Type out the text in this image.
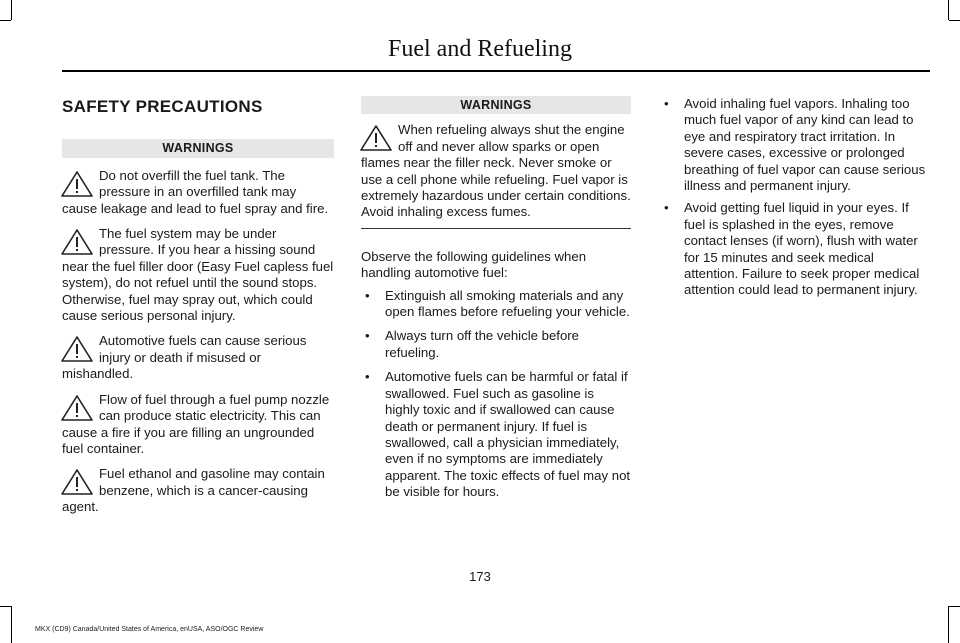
Fuel and Refueling
SAFETY PRECAUTIONS
WARNINGS

Do not overfill the fuel tank. The pressure in an overfilled tank may cause leakage and lead to fuel spray and fire.

The fuel system may be under pressure. If you hear a hissing sound near the fuel filler door (Easy Fuel capless fuel system), do not refuel until the sound stops. Otherwise, fuel may spray out, which could cause serious personal injury.

Automotive fuels can cause serious injury or death if misused or mishandled.

Flow of fuel through a fuel pump nozzle can produce static electricity. This can cause a fire if you are filling an ungrounded fuel container.

Fuel ethanol and gasoline may contain benzene, which is a cancer-causing agent.

WARNINGS

When refueling always shut the engine off and never allow sparks or open flames near the filler neck. Never smoke or use a cell phone while refueling. Fuel vapor is extremely hazardous under certain conditions. Avoid inhaling excess fumes.

Observe the following guidelines when handling automotive fuel:

• Extinguish all smoking materials and any open flames before refueling your vehicle.
• Always turn off the vehicle before refueling.
• Automotive fuels can be harmful or fatal if swallowed. Fuel such as gasoline is highly toxic and if swallowed can cause death or permanent injury. If fuel is swallowed, call a physician immediately, even if no symptoms are immediately apparent. The toxic effects of fuel may not be visible for hours.
• Avoid inhaling fuel vapors. Inhaling too much fuel vapor of any kind can lead to eye and respiratory tract irritation. In severe cases, excessive or prolonged breathing of fuel vapor can cause serious illness and permanent injury.
• Avoid getting fuel liquid in your eyes. If fuel is splashed in the eyes, remove contact lenses (if worn), flush with water for 15 minutes and seek medical attention. Failure to seek proper medical attention could lead to permanent injury.
173
MKX (CD9) Canada/United States of America, enUSA, ASO/OGC Review
